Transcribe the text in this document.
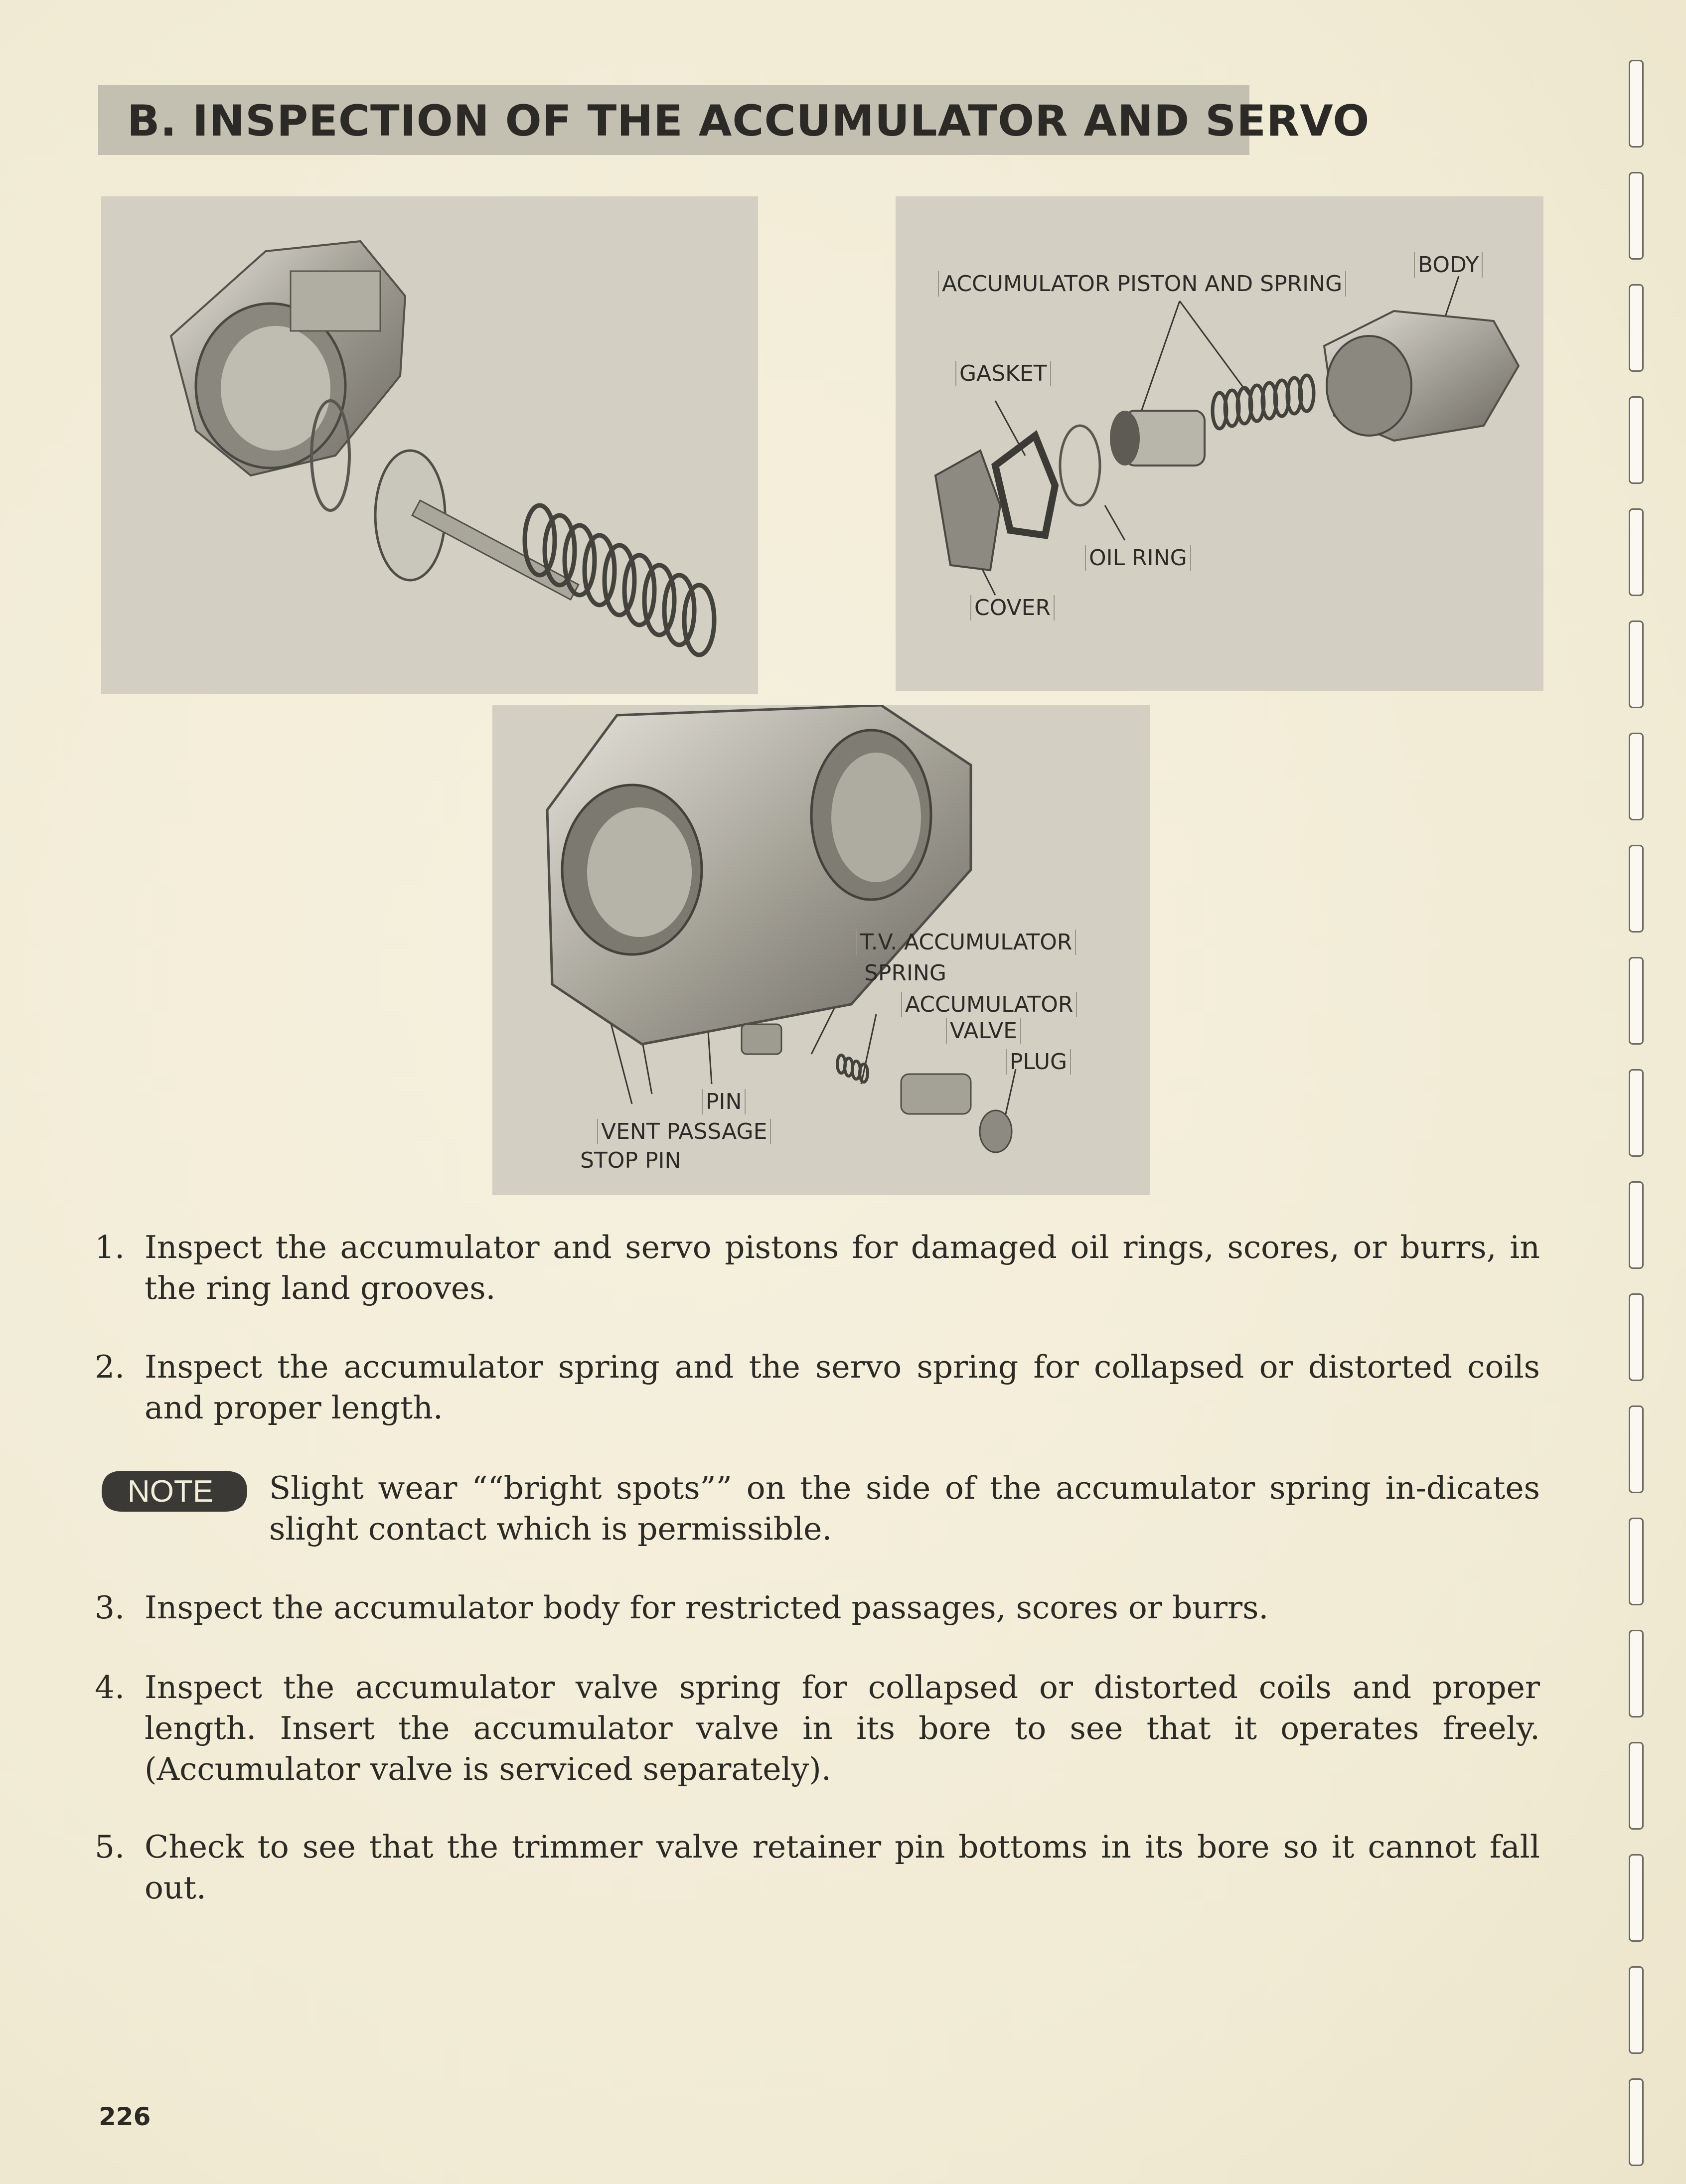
B. INSPECTION OF THE ACCUMULATOR AND SERVO
ACCUMULATOR PISTON AND SPRING
BODY
GASKET
OIL RING
COVER
T.V. ACCUMULATOR
SPRING
ACCUMULATOR
VALVE
PLUG
PIN
VENT PASSAGE
STOP PIN
1. Inspect the accumulator and servo pistons for damaged oil rings, scores, or burrs, in the ring land grooves.
2. Inspect the accumulator spring and the servo spring for collapsed or distorted coils and proper length.
NOTE Slight wear ““bright spots”” on the side of the accumulator spring in-dicates slight contact which is permissible.
3. Inspect the accumulator body for restricted passages, scores or burrs.
4. Inspect the accumulator valve spring for collapsed or distorted coils and proper length. Insert the accumulator valve in its bore to see that it operates freely. (Accumulator valve is serviced separately).
5. Check to see that the trimmer valve retainer pin bottoms in its bore so it cannot fall out.
226
